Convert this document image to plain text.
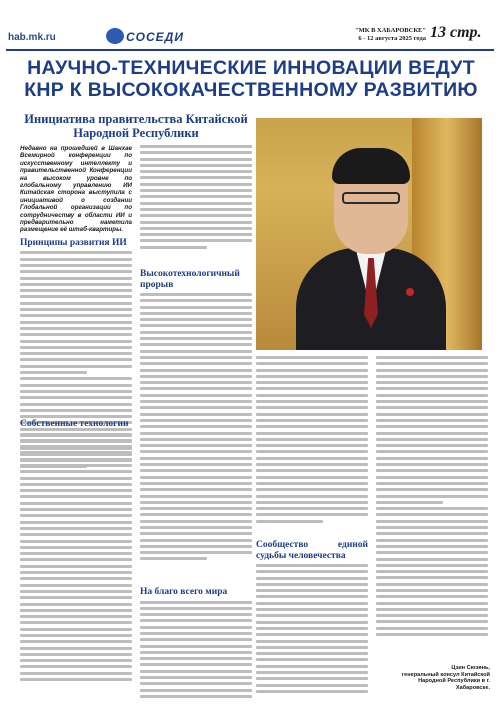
hab.mk.ru	СОСЕДИ	"МК В ХАБАРОВСКЕ"
6 - 12 августа 2025 года 13 стр.
НАУЧНО-ТЕХНИЧЕСКИЕ ИННОВАЦИИ ВЕДУТ КНР К ВЫСОКОКАЧЕСТВЕННОМУ РАЗВИТИЮ
Инициатива правительства Китайской Народной Республики
Недавно на прошедшей в Шанхае Всемирной конференции по искусственному интеллекту и правительственной Конференции на высоком уровне по глобальному управлению ИИ Китайская сторона выступила с инициативой о создании Глобальной организации по сотрудничеству в области ИИ и предварительно наметила размещение её штаб-квартиры.
Принципы развития ИИ
Собственные технологии
Высокотехнологичный прорыв
На благо всего мира
Сообщество единой судьбы человечества
Цзин Сюэянь,
генеральный консул Китайской Народной Республики в г. Хабаровске.
